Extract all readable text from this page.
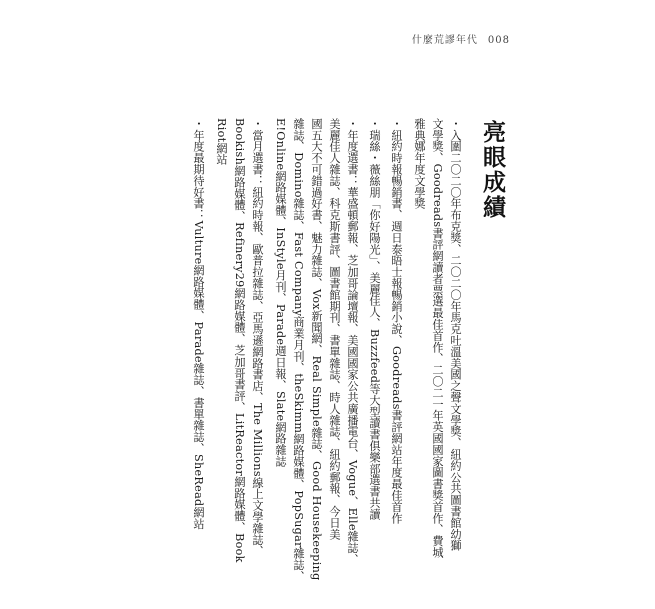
什麼荒謬年代 008
亮眼成績
・入圍二〇二〇年布克獎、二〇二〇年馬克吐溫美國之聲文學獎、紐約公共圖書館幼獅
文學獎、Goodreads書評網讀者票選最佳首作、二〇二一年英國國家圖書獎首作、費城
雅典娜年度文學獎
・紐約時報暢銷書、週日泰晤士報暢銷小說、Goodreads書評網站年度最佳首作
・瑞絲・薇絲朋「你好陽光」、美麗佳人、Buzzfeed等大型讀書俱樂部選書共讀
・年度選書：華盛頓郵報、芝加哥論壇報、美國國家公共廣播電台、Vogue、Elle雜誌、
美麗佳人雜誌、科克斯書評、圖書館期刊、書單雜誌、時人雜誌、紐約郵報、今日美
國五大不可錯過好書、魅力雜誌、Vox新聞網、Real Simple雜誌、Good Housekeeping
雜誌、Domino雜誌、Fast Company商業月刊、theSkimm網路媒體、PopSugar雜誌、
E!Online網路媒體、InStyle月刊、Parade週日報、Slate網路雜誌
・當月選書：紐約時報、歐普拉雜誌、亞馬遜網路書店、The Millions線上文學雜誌、
Bookish網路媒體、Refinery29網路媒體、芝加哥書評、LitReactor網路媒體、Book
Riot網站
・年度最期待好書：Vulture網路媒體、Parade雜誌、書單雜誌、SheRead網站
